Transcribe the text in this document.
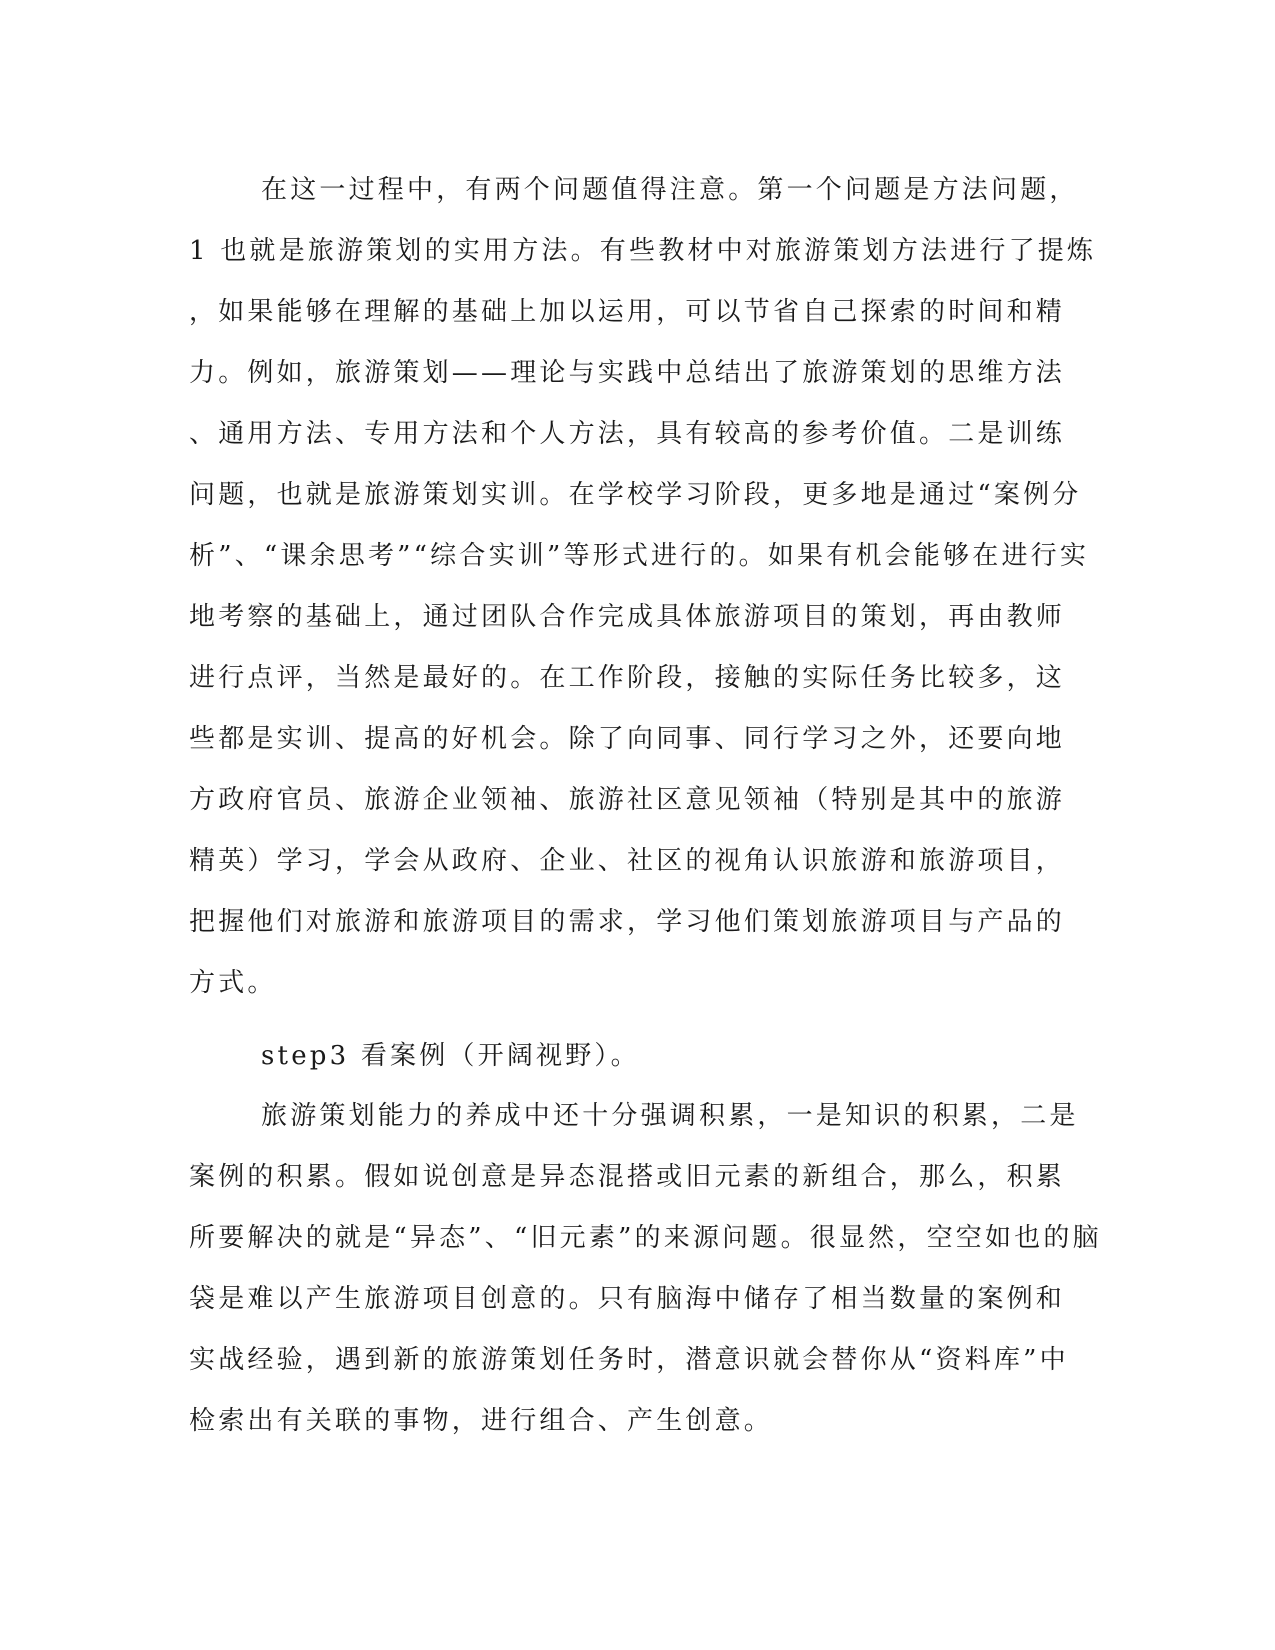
在这一过程中，有两个问题值得注意。第一个问题是方法问题，
1 也就是旅游策划的实用方法。有些教材中对旅游策划方法进行了提炼
，如果能够在理解的基础上加以运用，可以节省自己探索的时间和精
力。例如，旅游策划——理论与实践中总结出了旅游策划的思维方法
、通用方法、专用方法和个人方法，具有较高的参考价值。二是训练
问题，也就是旅游策划实训。在学校学习阶段，更多地是通过“案例分
析”、“课余思考”“综合实训”等形式进行的。如果有机会能够在进行实
地考察的基础上，通过团队合作完成具体旅游项目的策划，再由教师
进行点评，当然是最好的。在工作阶段，接触的实际任务比较多，这
些都是实训、提高的好机会。除了向同事、同行学习之外，还要向地
方政府官员、旅游企业领袖、旅游社区意见领袖（特别是其中的旅游
精英）学习，学会从政府、企业、社区的视角认识旅游和旅游项目，
把握他们对旅游和旅游项目的需求，学习他们策划旅游项目与产品的
方式。
step3 看案例（开阔视野）。
旅游策划能力的养成中还十分强调积累，一是知识的积累，二是
案例的积累。假如说创意是异态混搭或旧元素的新组合，那么，积累
所要解决的就是“异态”、“旧元素”的来源问题。很显然，空空如也的脑
袋是难以产生旅游项目创意的。只有脑海中储存了相当数量的案例和
实战经验，遇到新的旅游策划任务时，潜意识就会替你从“资料库”中
检索出有关联的事物，进行组合、产生创意。
